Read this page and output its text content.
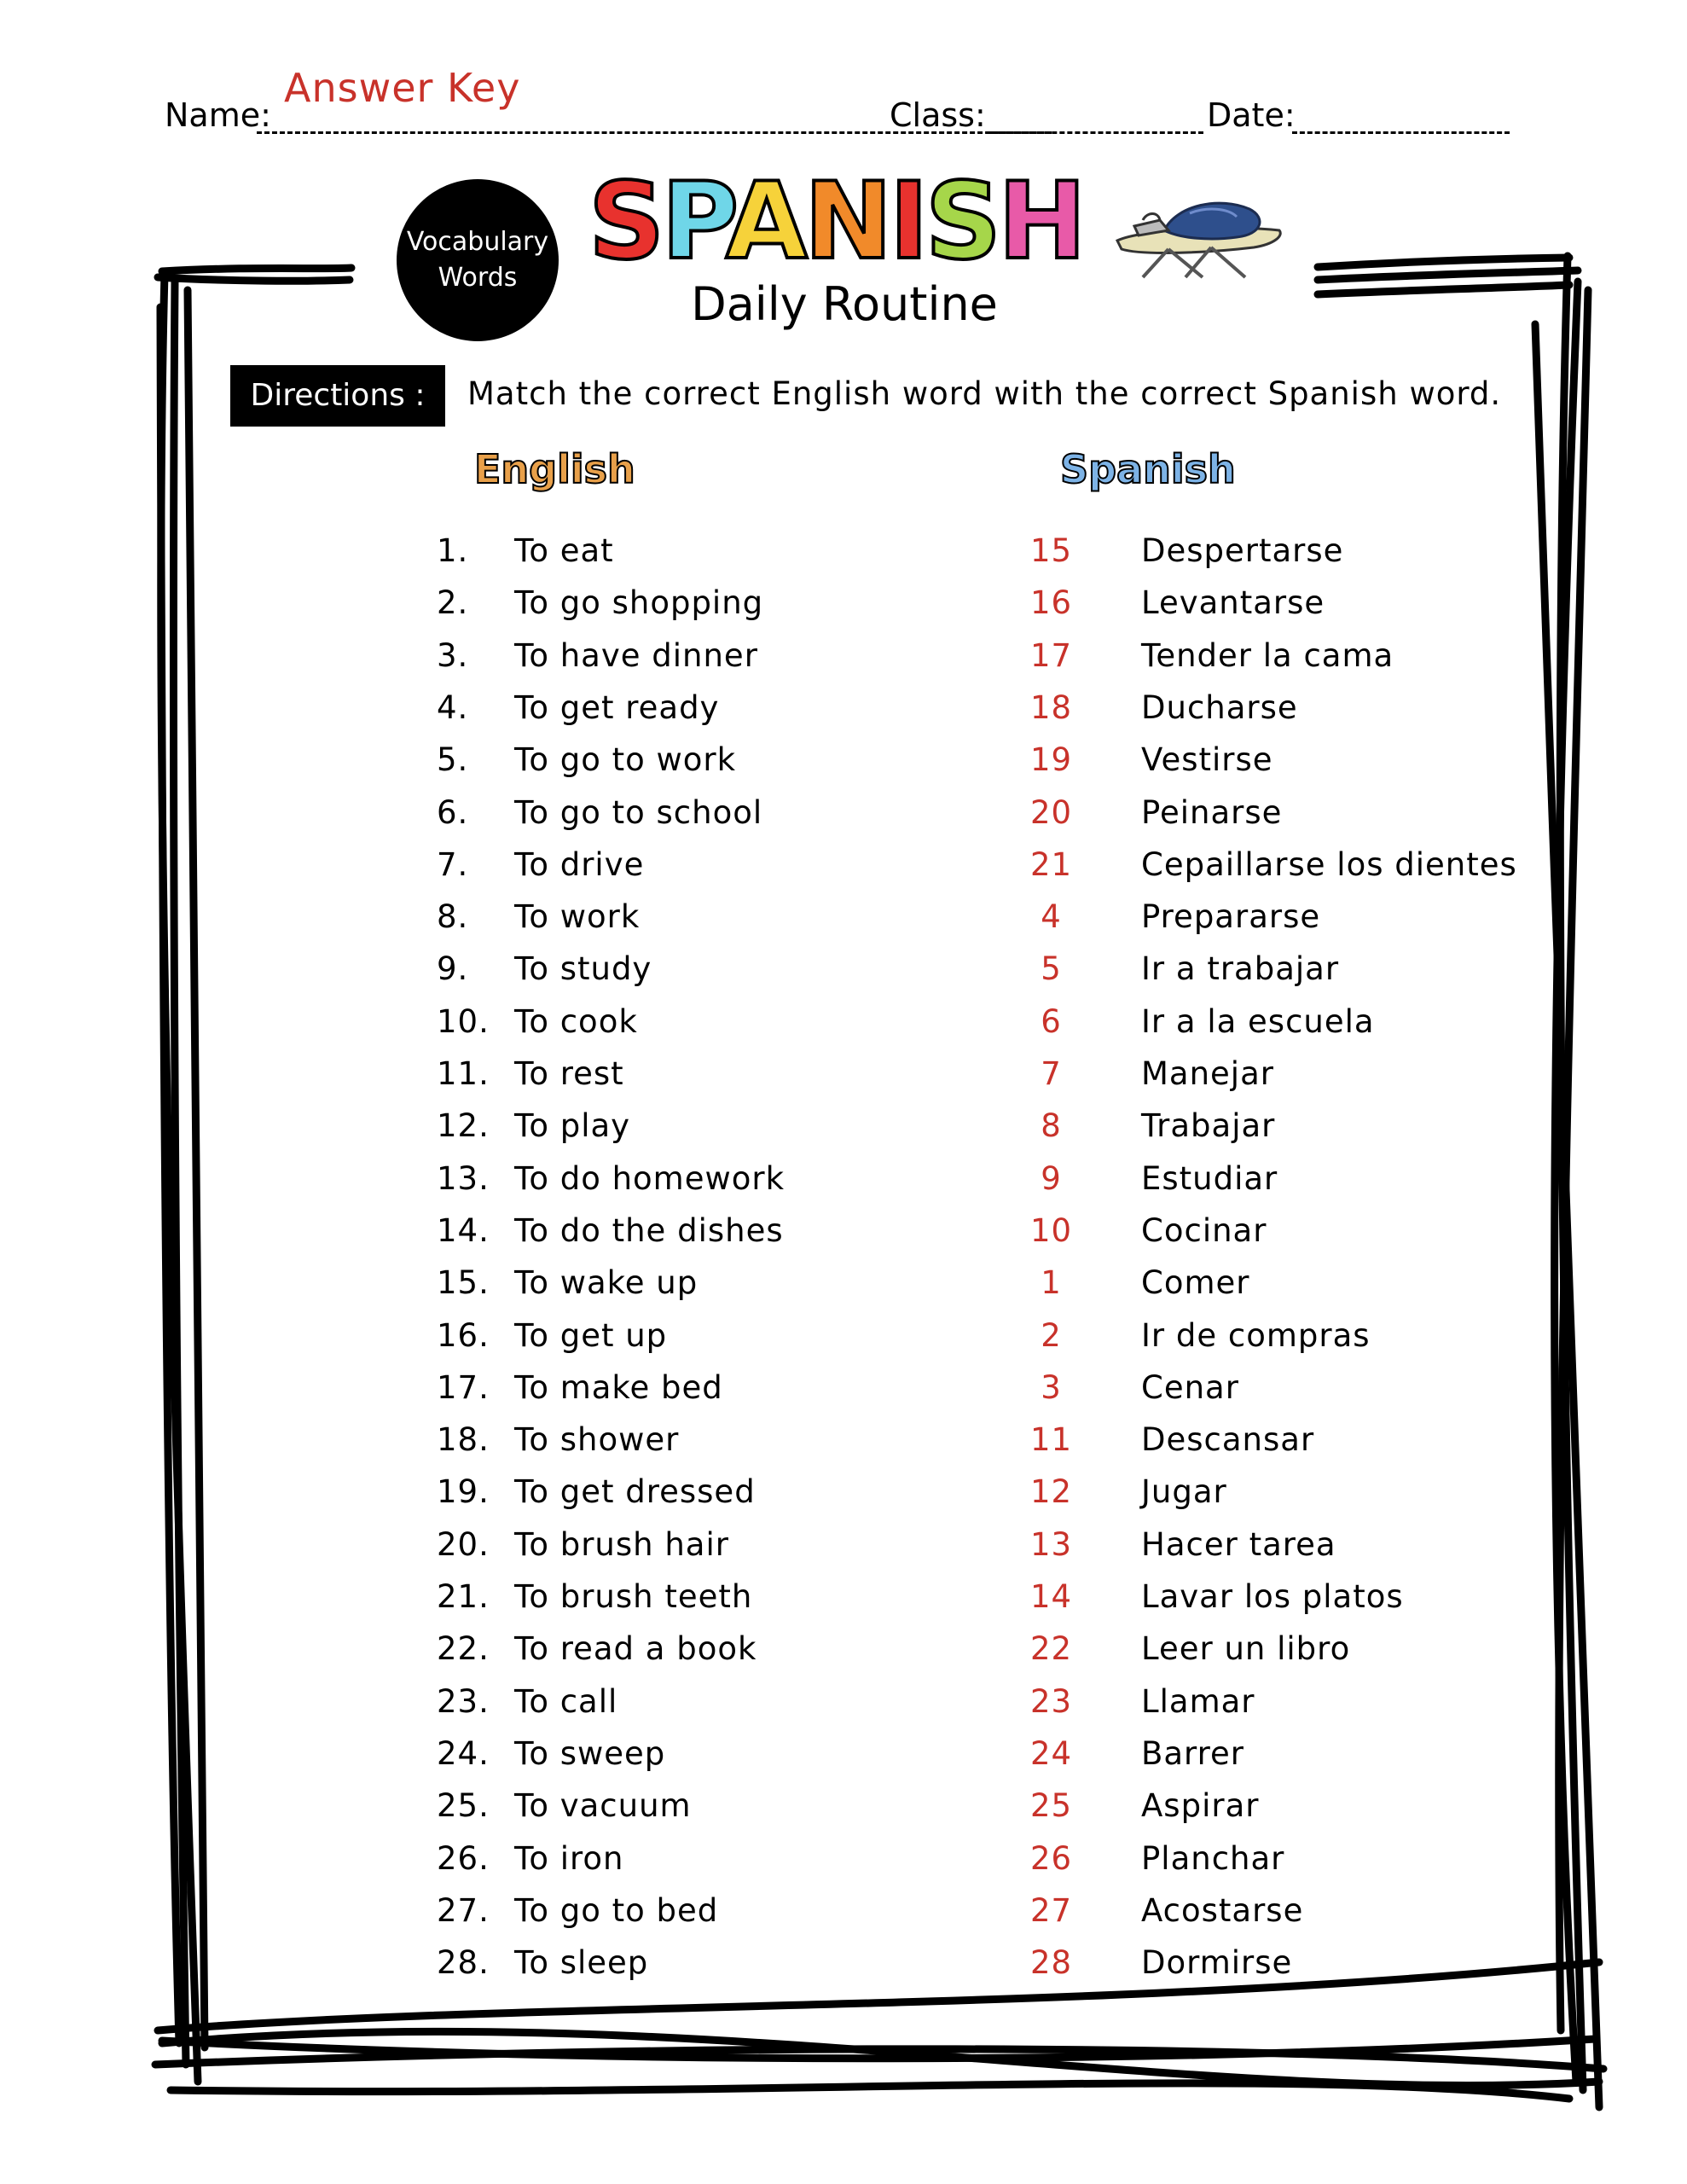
Answer Key
Name:	Class:	Date:
Vocabulary
Words SPANISH
Daily Routine
Directions :	Match the correct English word with the correct Spanish word.
English	Spanish
1.	To eat	15	Despertarse
2.	To go shopping	16	Levantarse
3.	To have dinner	17	Tender la cama
4.	To get ready	18	Ducharse
5.	To go to work	19	Vestirse
6.	To go to school	20	Peinarse
7.	To drive	21	Cepaillarse los dientes
8.	To work	4	Prepararse
9.	To study	5	Ir a trabajar
10. To cook	6	Ir a la escuela
11. To rest	7	Manejar
12. To play	8	Trabajar
13. To do homework	9	Estudiar
14. To do the dishes	10	Cocinar
15. To wake up	1	Comer
16. To get up	2	Ir de compras
17. To make bed	3	Cenar
18. To shower	11	Descansar
19. To get dressed	12	Jugar
20. To brush hair	13	Hacer tarea
21. To brush teeth	14	Lavar los platos
22. To read a book	22	Leer un libro
23. To call	23	Llamar
24. To sweep	24	Barrer
25. To vacuum	25	Aspirar
26. To iron	26	Planchar
27. To go to bed	27	Acostarse
28. To sleep	28	Dormirse
